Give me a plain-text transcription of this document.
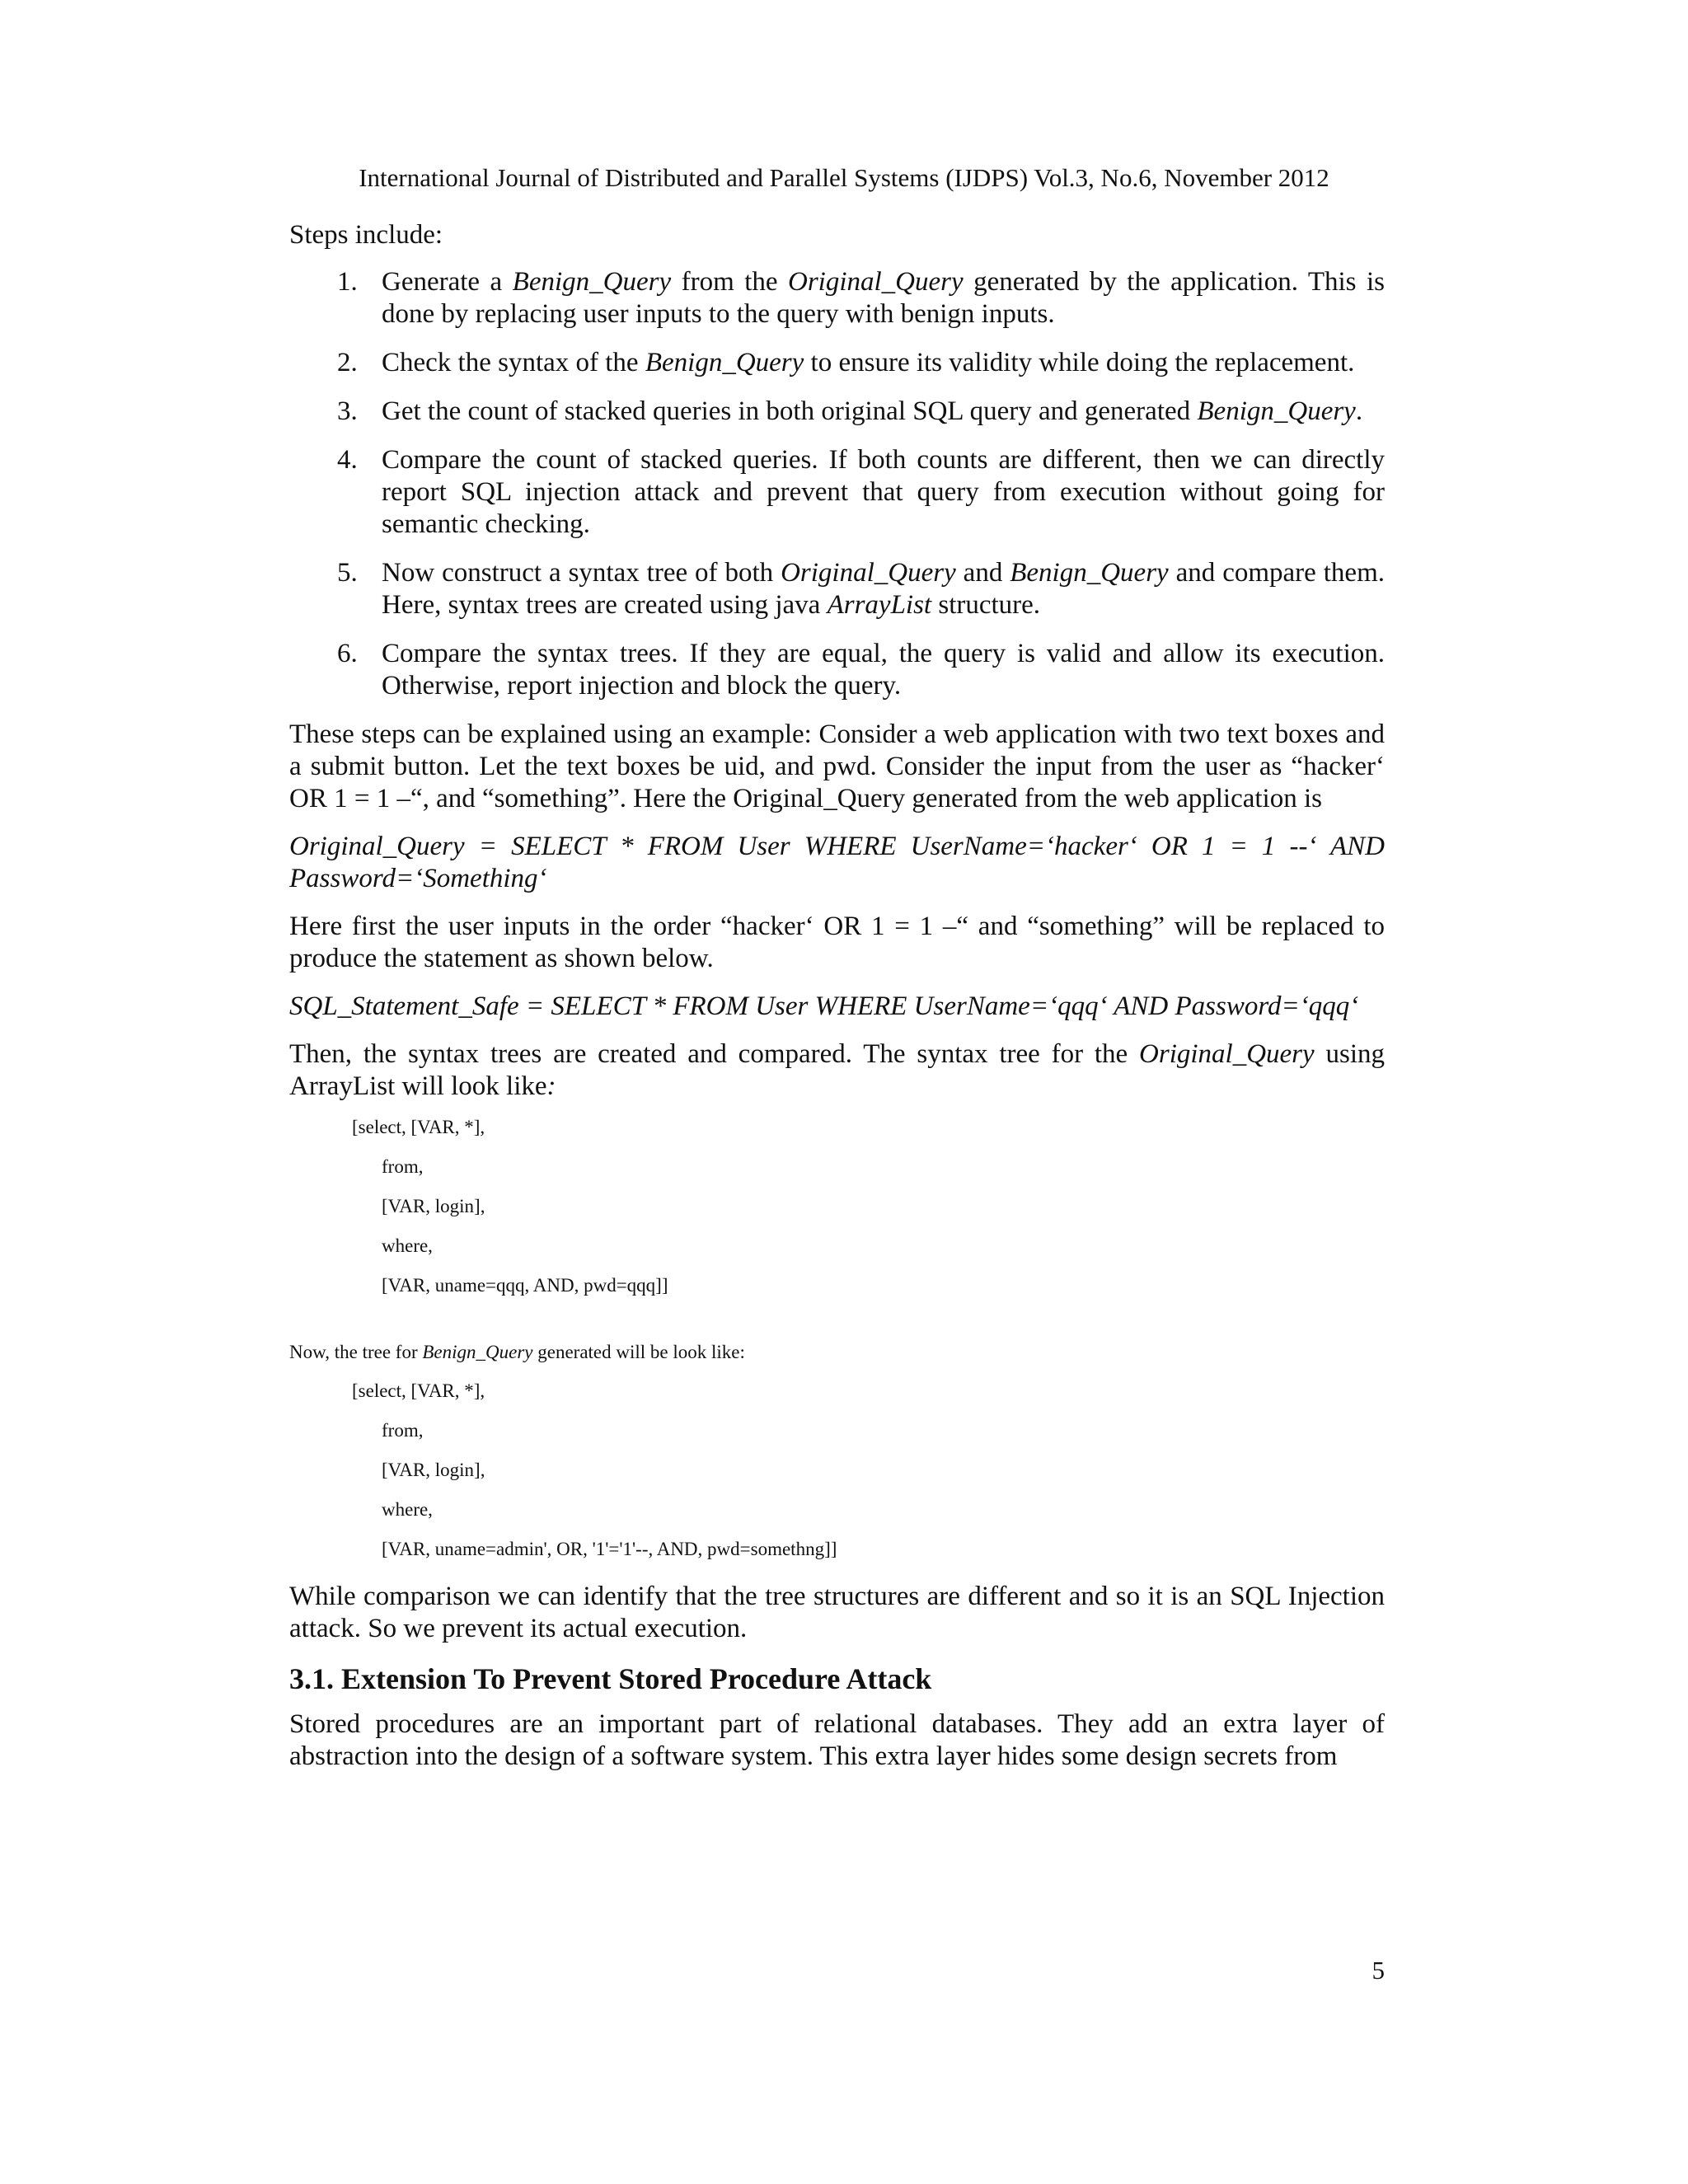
International Journal of Distributed and Parallel Systems (IJDPS) Vol.3, No.6, November 2012

Steps include:

1. Generate a Benign_Query from the Original_Query generated by the application. This is done by replacing user inputs to the query with benign inputs.
2. Check the syntax of the Benign_Query to ensure its validity while doing the replacement.
3. Get the count of stacked queries in both original SQL query and generated Benign_Query.
4. Compare the count of stacked queries. If both counts are different, then we can directly report SQL injection attack and prevent that query from execution without going for semantic checking.
5. Now construct a syntax tree of both Original_Query and Benign_Query and compare them. Here, syntax trees are created using java ArrayList structure.
6. Compare the syntax trees. If they are equal, the query is valid and allow its execution. Otherwise, report injection and block the query.

These steps can be explained using an example: Consider a web application with two text boxes and a submit button. Let the text boxes be uid, and pwd. Consider the input from the user as “hacker‘ OR 1 = 1 –“, and “something”. Here the Original_Query generated from the web application is

Original_Query = SELECT * FROM User WHERE UserName=‘hacker‘ OR 1 = 1 --‘ AND Password=‘Something‘

Here first the user inputs in the order “hacker‘ OR 1 = 1 –“ and “something” will be replaced to produce the statement as shown below.

SQL_Statement_Safe = SELECT * FROM User WHERE UserName=‘qqq‘ AND Password=‘qqq‘

Then, the syntax trees are created and compared. The syntax tree for the Original_Query using ArrayList will look like:

[select, [VAR, *],
from,
[VAR, login],
where,
[VAR, uname=qqq, AND, pwd=qqq]]

Now, the tree for Benign_Query generated will be look like:

[select, [VAR, *],
from,
[VAR, login],
where,
[VAR, uname=admin', OR, '1'='1'--, AND, pwd=somethng]]

While comparison we can identify that the tree structures are different and so it is an SQL Injection attack. So we prevent its actual execution.

3.1. Extension To Prevent Stored Procedure Attack

Stored procedures are an important part of relational databases. They add an extra layer of abstraction into the design of a software system. This extra layer hides some design secrets from

5
